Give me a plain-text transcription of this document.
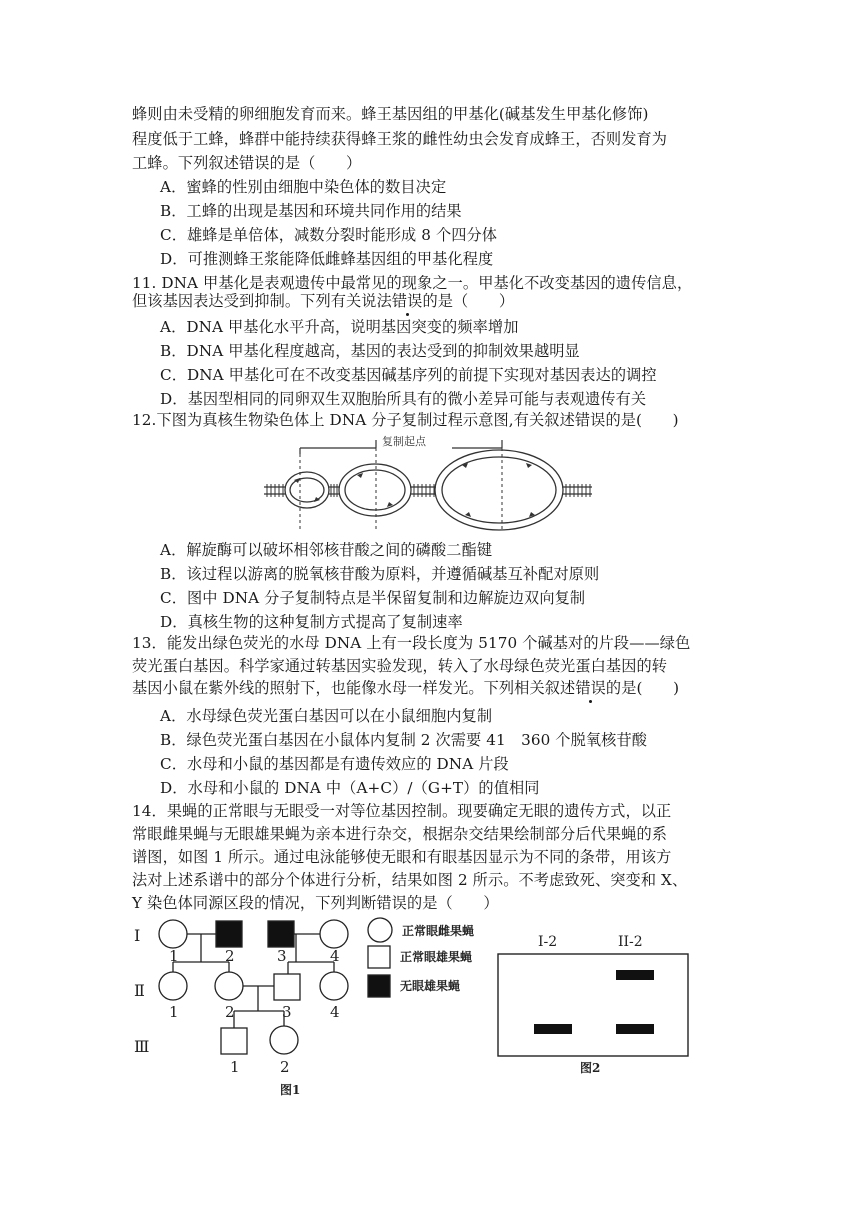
蜂则由未受精的卵细胞发育而来。蜂王基因组的甲基化(碱基发生甲基化修饰)
程度低于工蜂，蜂群中能持续获得蜂王浆的雌性幼虫会发育成蜂王，否则发育为
工蜂。下列叙述错误的是（　　）
A．蜜蜂的性别由细胞中染色体的数目决定
B．工蜂的出现是基因和环境共同作用的结果
C．雄蜂是单倍体，减数分裂时能形成 8 个四分体
D．可推测蜂王浆能降低雌蜂基因组的甲基化程度
11. DNA 甲基化是表观遗传中最常见的现象之一。甲基化不改变基因的遗传信息，
但该基因表达受到抑制。下列有关说法错误的是（　　）
A．DNA 甲基化水平升高，说明基因突变的频率增加
B．DNA 甲基化程度越高，基因的表达受到的抑制效果越明显
C．DNA 甲基化可在不改变基因碱基序列的前提下实现对基因表达的调控
D．基因型相同的同卵双生双胞胎所具有的微小差异可能与表观遗传有关
12.下图为真核生物染色体上 DNA 分子复制过程示意图,有关叙述错误的是(　　)
复制起点
A．解旋酶可以破坏相邻核苷酸之间的磷酸二酯键
B．该过程以游离的脱氧核苷酸为原料，并遵循碱基互补配对原则
C．图中 DNA 分子复制特点是半保留复制和边解旋边双向复制
D．真核生物的这种复制方式提高了复制速率
13．能发出绿色荧光的水母 DNA 上有一段长度为 5170 个碱基对的片段——绿色
荧光蛋白基因。科学家通过转基因实验发现，转入了水母绿色荧光蛋白基因的转
基因小鼠在紫外线的照射下，也能像水母一样发光。下列相关叙述错误的是(　　)
A．水母绿色荧光蛋白基因可以在小鼠细胞内复制
B．绿色荧光蛋白基因在小鼠体内复制 2 次需要 41　360 个脱氧核苷酸
C．水母和小鼠的基因都是有遗传效应的 DNA 片段
D．水母和小鼠的 DNA 中（A+C）/（G+T）的值相同
14．果蝇的正常眼与无眼受一对等位基因控制。现要确定无眼的遗传方式，以正
常眼雌果蝇与无眼雄果蝇为亲本进行杂交，根据杂交结果绘制部分后代果蝇的系
谱图，如图 1 所示。通过电泳能够使无眼和有眼基因显示为不同的条带，用该方
法对上述系谱中的部分个体进行分析，结果如图 2 所示。不考虑致死、突变和 X、
Y 染色体同源区段的情况，下列判断错误的是（　　）
Ⅰ
Ⅱ
Ⅲ
1	2	3	4
1	2	3	4
1	2
正常眼雌果蝇
正常眼雄果蝇
无眼雄果蝇
图1
I-2	II-2
图2
